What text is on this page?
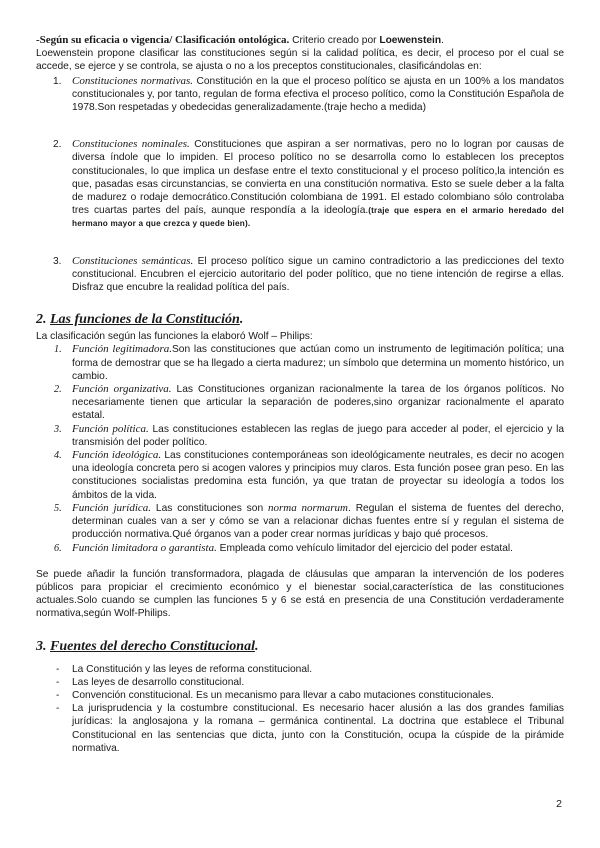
-Según su eficacia o vigencia/ Clasificación ontológica. Criterio creado por Loewenstein.
Loewenstein propone clasificar las constituciones según si la calidad política, es decir, el proceso por el cual se accede, se ejerce y se controla, se ajusta o no a los preceptos constitucionales, clasificándolas en:

1. Constituciones normativas. Constitución en la que el proceso político se ajusta en un 100% a los mandatos constitucionales y, por tanto, regulan de forma efectiva el proceso político, como la Constitución Española de 1978.Son respetadas y obedecidas generalizadamente.(traje hecho a medida)
2. Constituciones nominales. Constituciones que aspiran a ser normativas, pero no lo logran por causas de diversa índole que lo impiden. El proceso político no se desarrolla como lo establecen los preceptos constitucionales, lo que implica un desfase entre el texto constitucional y el proceso político,la intención es que, pasadas esas circunstancias, se convierta en una constitución normativa. Esto se suele deber a la falta de madurez o rodaje democrático.Constitución colombiana de 1991. El estado colombiano sólo controlaba tres cuartas partes del país, aunque respondía a la ideología.(traje que espera en el armario heredado del hermano mayor a que crezca y quede bien).
3. Constituciones semánticas. El proceso político sigue un camino contradictorio a las predicciones del texto constitucional. Encubren el ejercicio autoritario del poder político, que no tiene intención de regirse a ellas. Disfraz que encubre la realidad política del país.
2. Las funciones de la Constitución.

La clasificación según las funciones la elaboró Wolf – Philips:

1. Función legitimadora.Son las constituciones que actúan como un instrumento de legitimación política; una forma de demostrar que se ha llegado a cierta madurez; un símbolo que determina un momento histórico, un cambio.
2. Función organizativa. Las Constituciones organizan racionalmente la tarea de los órganos políticos. No necesariamente tienen que articular la separación de poderes,sino organizar racionalmente el aparato estatal.
3. Función política. Las constituciones establecen las reglas de juego para acceder al poder, el ejercicio y la transmisión del poder político.
4. Función ideológica. Las constituciones contemporáneas son ideológicamente neutrales, es decir no acogen una ideología concreta pero si acogen valores y principios muy claros. Esta función posee gran peso. En las constituciones socialistas predomina esta función, ya que tratan de proyectar su ideología a todos los ámbitos de la vida.
5. Función jurídica. Las constituciones son norma normarum. Regulan el sistema de fuentes del derecho, determinan cuales van a ser y cómo se van a relacionar dichas fuentes entre sí y regulan el sistema de producción normativa.Qué órganos van a poder crear normas jurídicas y bajo qué procesos.
6. Función limitadora o garantista. Empleada como vehículo limitador del ejercicio del poder estatal.

Se puede añadir la función transformadora, plagada de cláusulas que amparan la intervención de los poderes públicos para propiciar el crecimiento económico y el bienestar social,característica de las constituciones actuales.Solo cuando se cumplen las funciones 5 y 6 se está en presencia de una Constitución verdaderamente normativa,según Wolf-Philips.

3. Fuentes del derecho Constitucional.
- La Constitución y las leyes de reforma constitucional.
- Las leyes de desarrollo constitucional.
- Convención constitucional. Es un mecanismo para llevar a cabo mutaciones constitucionales.
- La jurisprudencia y la costumbre constitucional. Es necesario hacer alusión a las dos grandes familias jurídicas: la anglosajona y la romana – germánica continental. La doctrina que establece el Tribunal Constitucional en las sentencias que dicta, junto con la Constitución, ocupa la cúspide de la pirámide normativa.
2
